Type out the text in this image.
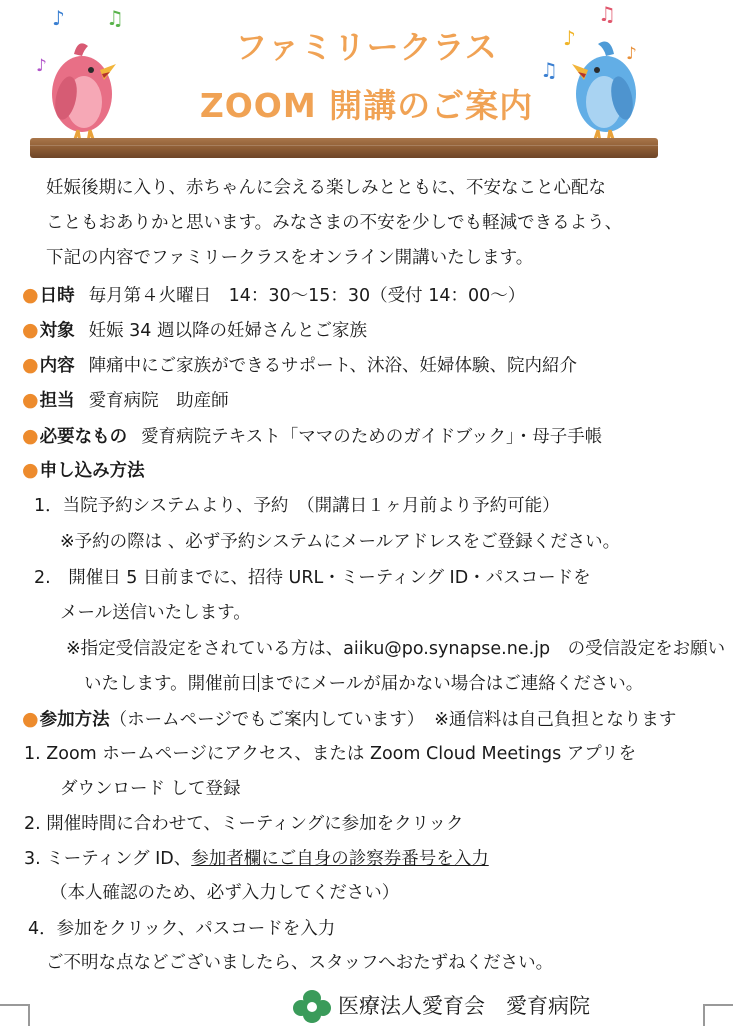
ファミリークラス
ZOOM 開講のご案内
♪ ♫
♪
♫
♪
♫
♪
妊娠後期に入り、赤ちゃんに会える楽しみとともに、不安なこと心配な
こともおありかと思います。みなさまの不安を少しでも軽減できるよう、
下記の内容でファミリークラスをオンライン開講いたします。
●日時 毎月第４火曜日　14：30〜15：30（受付 14：00〜）
●対象 妊娠 34 週以降の妊婦さんとご家族
●内容 陣痛中にご家族ができるサポート、沐浴、妊婦体験、院内紹介
●担当 愛育病院　助産師
●必要なもの 愛育病院テキスト「ママのためのガイドブック」・母子手帳
●申し込み方法
1．当院予約システムより、予約　（開講日１ヶ月前より予約可能）
※予約の際は 、必ず予約システムにメールアドレスをご登録ください。
2.　開催日 5 日前までに、招待 URL・ミーティング ID・パスコードを
メール送信いたします。
※指定受信設定をされている方は、aiiku@po.synapse.ne.jp　の受信設定をお願い
いたします。開催前日までにメールが届かない場合はご連絡ください。
●参加方法（ホームページでもご案内しています） ※通信料は自己負担となります
1. Zoom ホームページにアクセス、または Zoom Cloud Meetings アプリを
ダウンロード して登録
2. 開催時間に合わせて、ミーティングに参加をクリック
3. ミーティング ID、参加者欄にご自身の診察券番号を入力
（本人確認のため、必ず入力してください）
4．参加をクリック、パスコードを入力
ご不明な点などございましたら、スタッフへおたずねください。
医療法人愛育会　愛育病院
